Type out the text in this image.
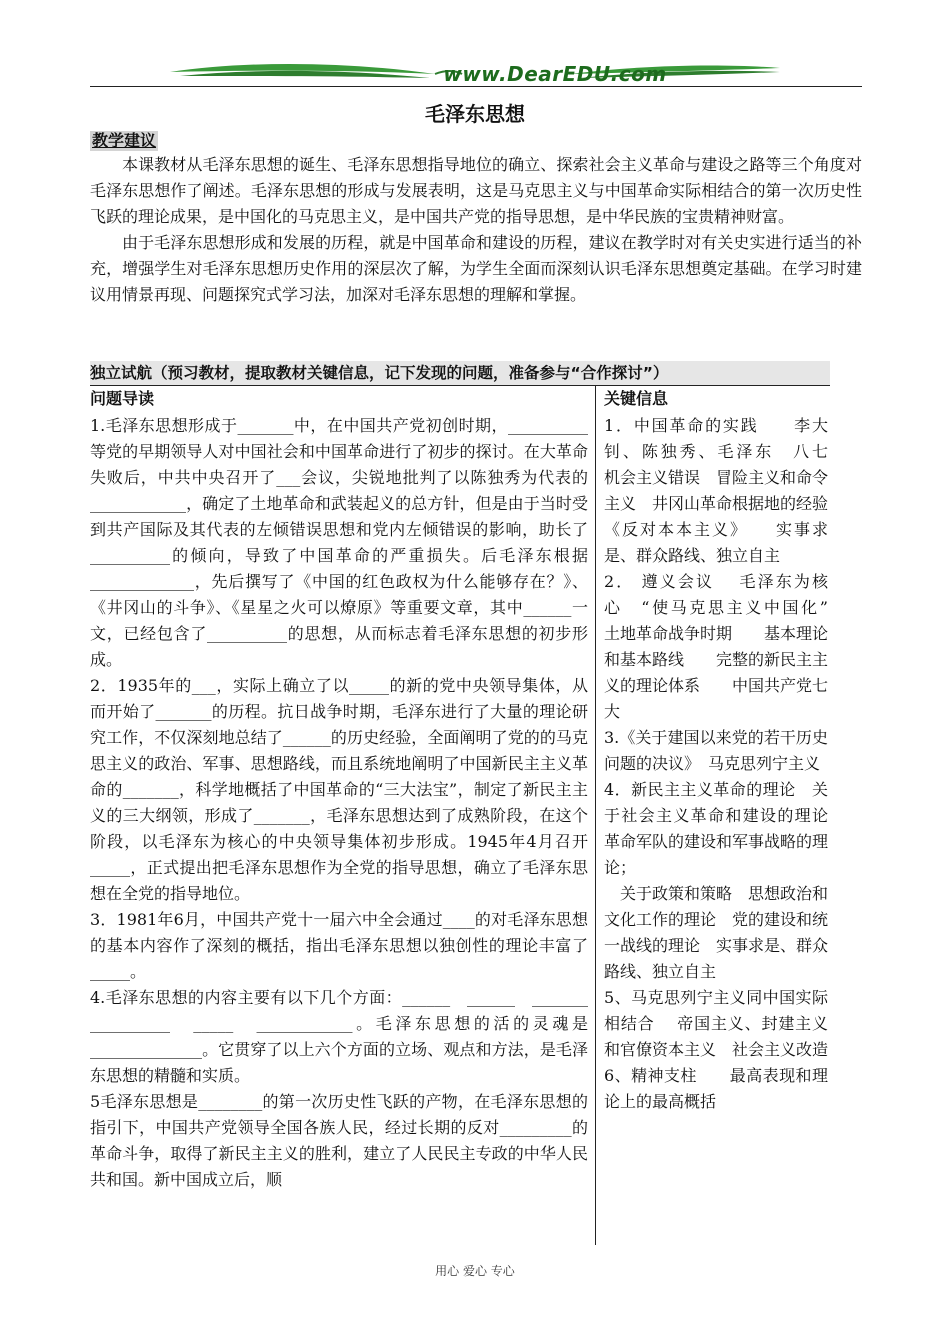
www.DearEDU.com
毛泽东思想
教学建议

本课教材从毛泽东思想的诞生、毛泽东思想指导地位的确立、探索社会主义革命与建设之路等三个角度对毛泽东思想作了阐述。毛泽东思想的形成与发展表明，这是马克思主义与中国革命实际相结合的第一次历史性飞跃的理论成果，是中国化的马克思主义，是中国共产党的指导思想，是中华民族的宝贵精神财富。

由于毛泽东思想形成和发展的历程，就是中国革命和建设的历程，建议在教学时对有关史实进行适当的补充，增强学生对毛泽东思想历史作用的深层次了解，为学生全面而深刻认识毛泽东思想奠定基础。在学习时建议用情景再现、问题探究式学习法，加深对毛泽东思想的理解和掌握。

独立试航（预习教材，提取教材关键信息，记下发现的问题，准备参与“合作探讨”）
问题导读	关键信息

1.毛泽东思想形成于_______中，在中国共产党初创时期，__________等党的早期领导人对中国社会和中国革命进行了初步的探讨。在大革命失败后，中共中央召开了___会议，尖锐地批判了以陈独秀为代表的____________，确定了土地革命和武装起义的总方针，但是由于当时受到共产国际及其代表的左倾错误思想和党内左倾错误的影响，助长了__________的倾向，导致了中国革命的严重损失。后毛泽东根据_____________，先后撰写了《中国的红色政权为什么能够存在？》、《井冈山的斗争》、《星星之火可以燎原》等重要文章，其中______一文，已经包含了__________的思想，从而标志着毛泽东思想的初步形成。

2．1935年的___，实际上确立了以_____的新的党中央领导集体，从而开始了_______的历程。抗日战争时期，毛泽东进行了大量的理论研究工作，不仅深刻地总结了______的历史经验，全面阐明了党的的马克思主义的政治、军事、思想路线，而且系统地阐明了中国新民主主义革命的_______，科学地概括了中国革命的“三大法宝”，制定了新民主主义的三大纲领，形成了_______，毛泽东思想达到了成熟阶段，在这个阶段，以毛泽东为核心的中央领导集体初步形成。1945年4月召开_____，正式提出把毛泽东思想作为全党的指导思想，确立了毛泽东思想在全党的指导地位。

3．1981年6月，中国共产党十一届六中全会通过____的对毛泽东思想的基本内容作了深刻的概括，指出毛泽东思想以独创性的理论丰富了_____。

4.毛泽东思想的内容主要有以下几个方面：______　______　_______　__________　_____　____________。毛泽东思想的活的灵魂是______________。它贯穿了以上六个方面的立场、观点和方法，是毛泽东思想的精髓和实质。

5毛泽东思想是________的第一次历史性飞跃的产物，在毛泽东思想的指引下，中国共产党领导全国各族人民，经过长期的反对_________的革命斗争，取得了新民主主义的胜利，建立了人民民主专政的中华人民共和国。新中国成立后，顺

1．中国革命的实践　　李大钊、陈独秀、毛泽东　八七　　机会主义错误　冒险主义和命令主义　井冈山革命根据地的经验　《反对本本主义》　　实事求是、群众路线、独立自主

2． 遵义会议　 毛泽东为核心　“使马克思主义中国化”　 土地革命战争时期　　基本理论和基本路线　　完整的新民主主义的理论体系　　中国共产党七大

3.《关于建国以来党的若干历史问题的决议》　马克思列宁主义

4．新民主主义革命的理论　关于社会主义革命和建设的理论　革命军队的建设和军事战略的理论；

　关于政策和策略　思想政治和文化工作的理论　党的建设和统一战线的理论　实事求是、群众路线、独立自主

5、马克思列宁主义同中国实际相结合　 帝国主义、封建主义和官僚资本主义　社会主义改造

6、精神支柱　　最高表现和理论上的最高概括

用心 爱心 专心
